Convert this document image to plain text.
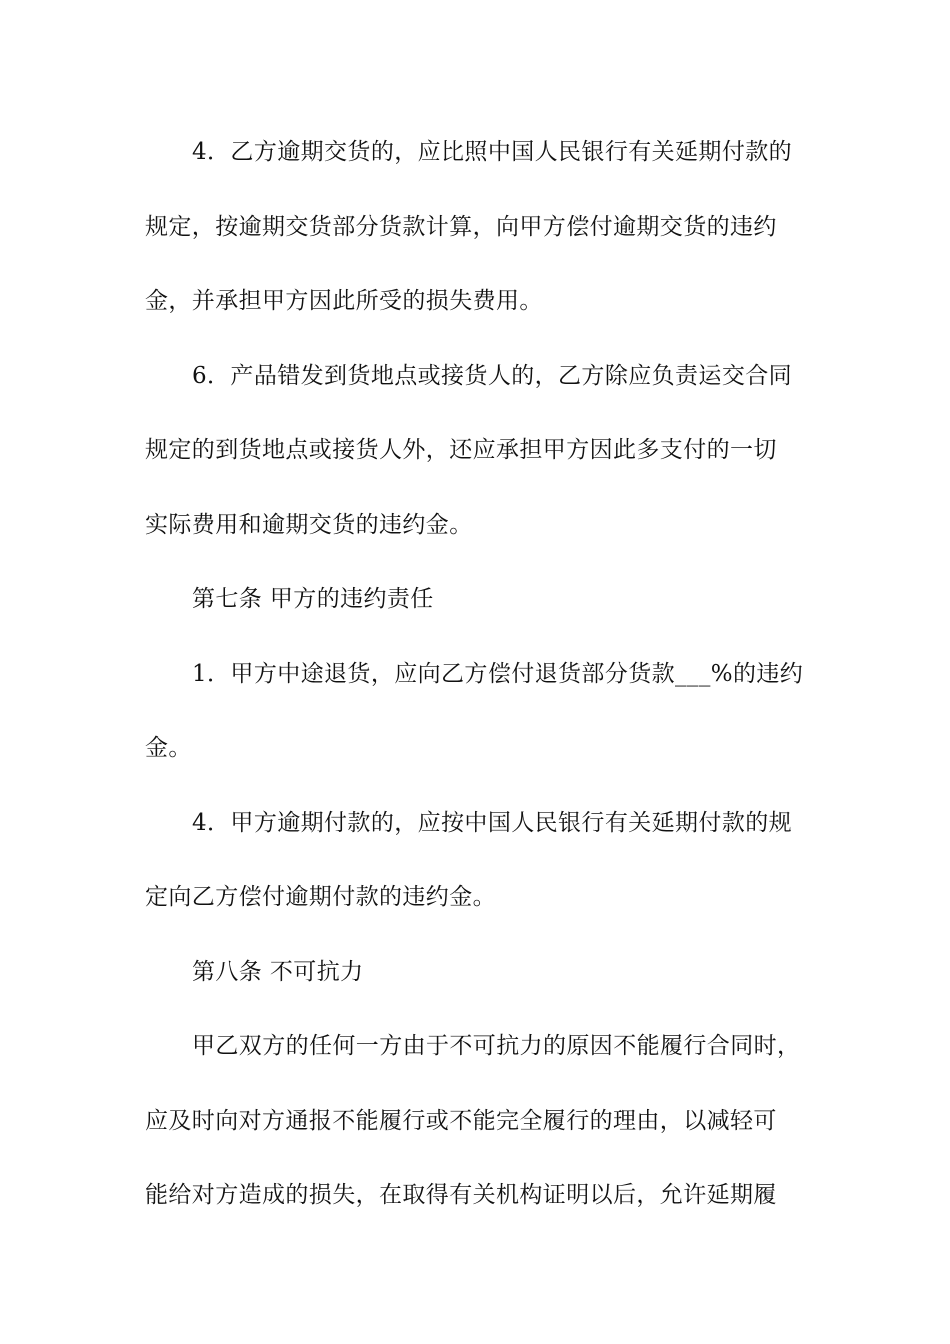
4．乙方逾期交货的，应比照中国人民银行有关延期付款的
规定，按逾期交货部分货款计算，向甲方偿付逾期交货的违约
金，并承担甲方因此所受的损失费用。
6．产品错发到货地点或接货人的，乙方除应负责运交合同
规定的到货地点或接货人外，还应承担甲方因此多支付的一切
实际费用和逾期交货的违约金。
第七条 甲方的违约责任
1．甲方中途退货，应向乙方偿付退货部分货款___%的违约
金。
4．甲方逾期付款的，应按中国人民银行有关延期付款的规
定向乙方偿付逾期付款的违约金。
第八条 不可抗力
甲乙双方的任何一方由于不可抗力的原因不能履行合同时，
应及时向对方通报不能履行或不能完全履行的理由，以减轻可
能给对方造成的损失，在取得有关机构证明以后，允许延期履
